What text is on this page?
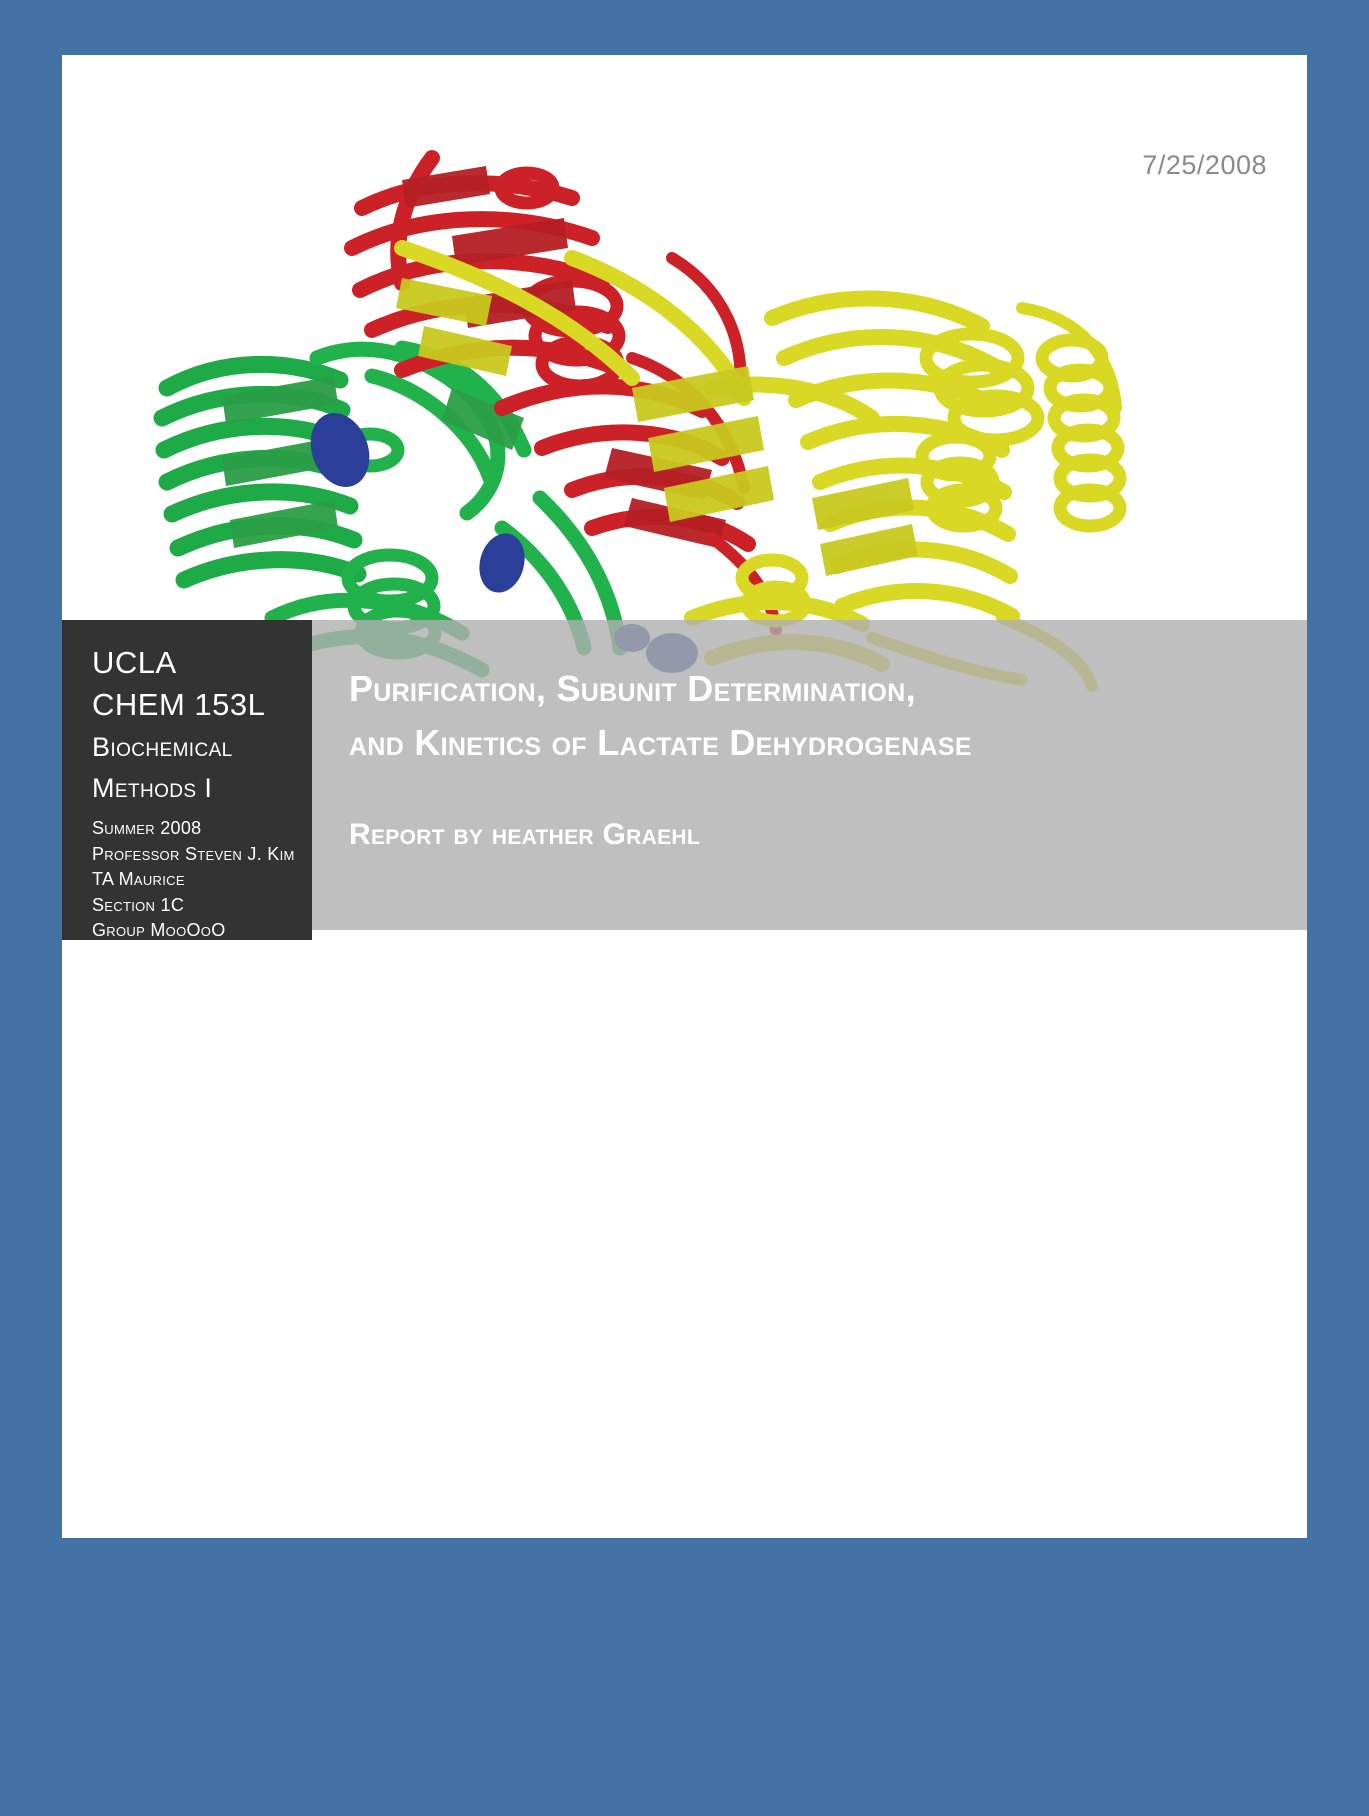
7/25/2008
Purification, Subunit Determination,
and Kinetics of Lactate Dehydrogenase
Report by heather Graehl
UCLA
CHEM 153L
Biochemical
Methods I
Summer 2008
Professor Steven J. Kim
TA Maurice
Section 1C
Group MooOoO
